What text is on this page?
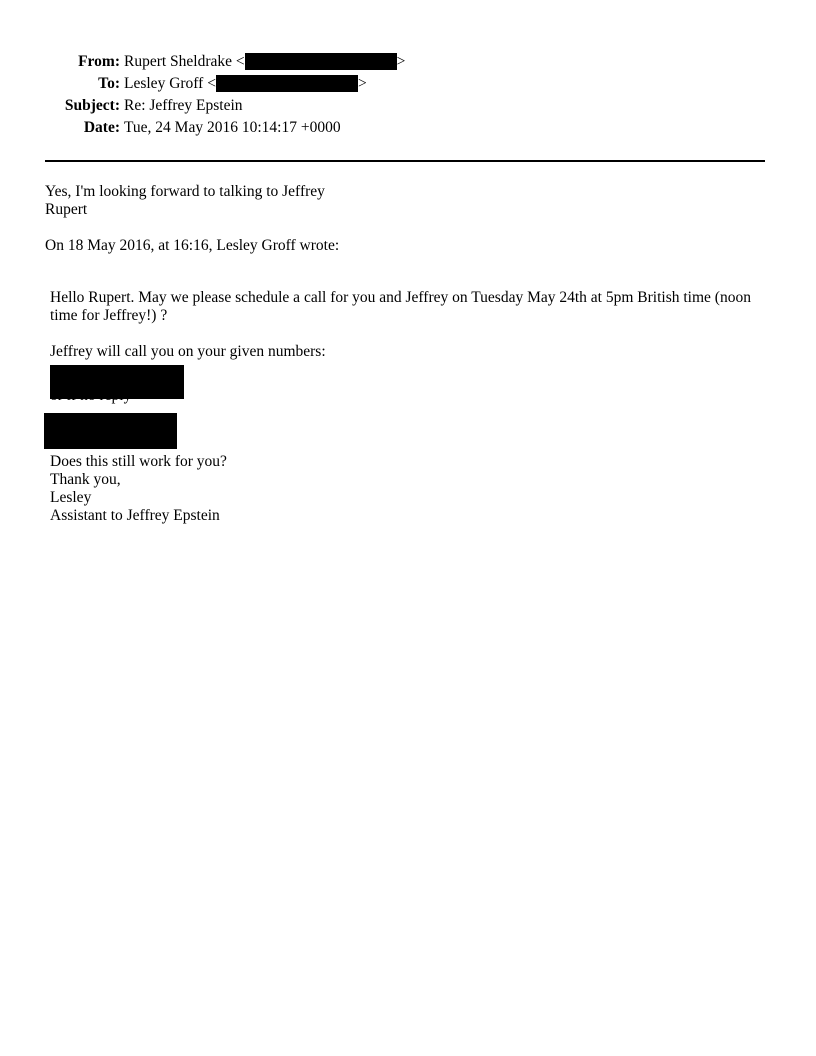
From: Rupert Sheldrake <	>
To: Lesley Groff <	>
Subject: Re: Jeffrey Epstein
Date: Tue, 24 May 2016 10:14:17 +0000

Yes, I'm looking forward to talking to Jeffrey

Rupert

On 18 May 2016, at 16:16, Lesley Groff wrote:

Hello Rupert. May we please schedule a call for you and Jeffrey on Tuesday May 24th at 5pm British time (noon time for Jeffrey!) ?

Jeffrey will call you on your given numbers:

or if no reply

Does this still work for you?

Thank you,

Lesley

Assistant to Jeffrey Epstein
